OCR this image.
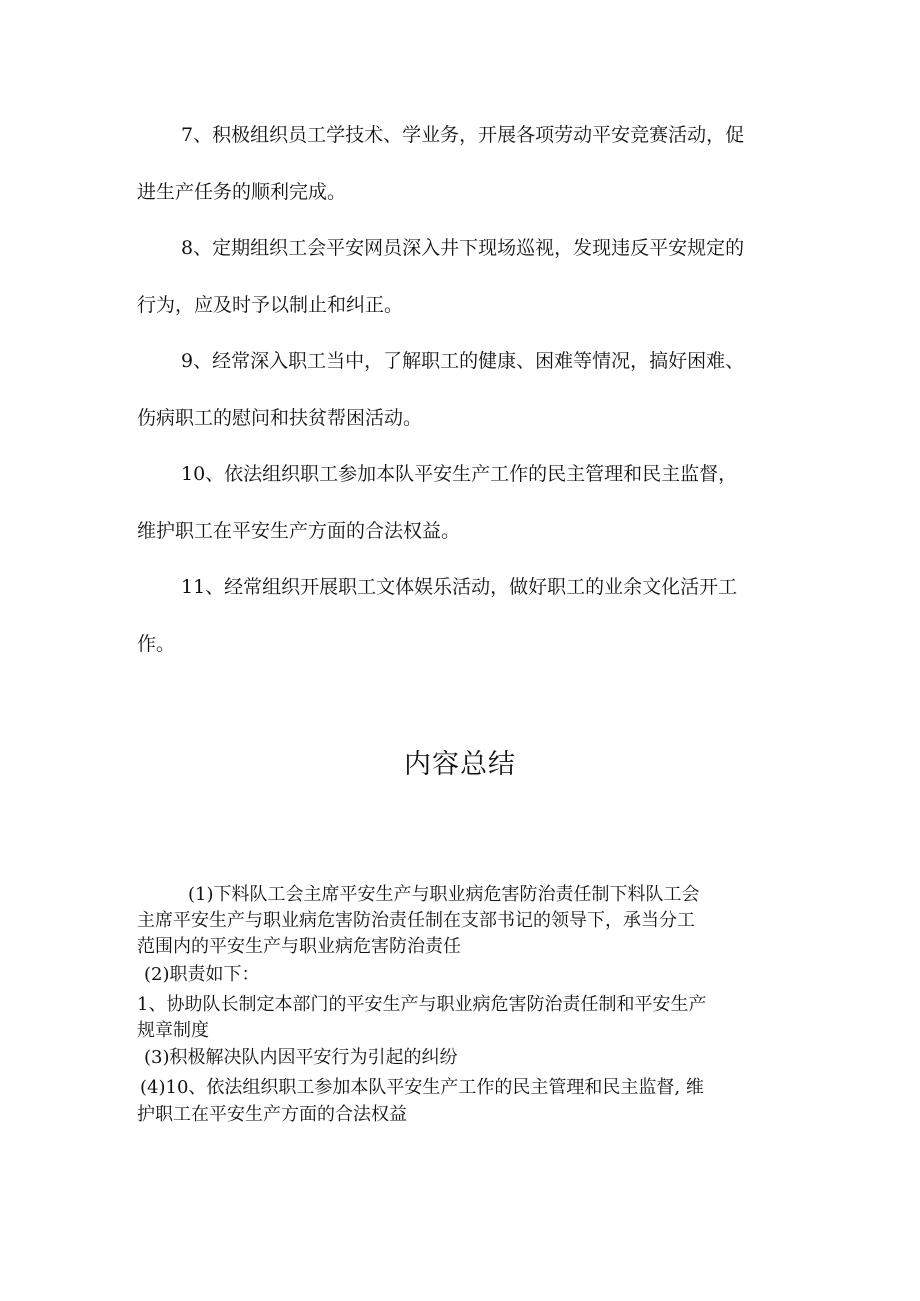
7、积极组织员工学技术、学业务，开展各项劳动平安竞赛活动，促
进生产任务的顺利完成。
8、定期组织工会平安网员深入井下现场巡视，发现违反平安规定的
行为，应及时予以制止和纠正。
9、经常深入职工当中，了解职工的健康、困难等情况，搞好困难、
伤病职工的慰问和扶贫帮困活动。
10、依法组织职工参加本队平安生产工作的民主管理和民主监督，
维护职工在平安生产方面的合法权益。
11、经常组织开展职工文体娱乐活动，做好职工的业余文化活开工
作。
内容总结
(1)下料队工会主席平安生产与职业病危害防治责任制下料队工会
主席平安生产与职业病危害防治责任制在支部书记的领导下，承当分工
范围内的平安生产与职业病危害防治责任
(2)职责如下：
1、协助队长制定本部门的平安生产与职业病危害防治责任制和平安生产
规章制度
(3)积极解决队内因平安行为引起的纠纷
(4)10、依法组织职工参加本队平安生产工作的民主管理和民主监督, 维
护职工在平安生产方面的合法权益
